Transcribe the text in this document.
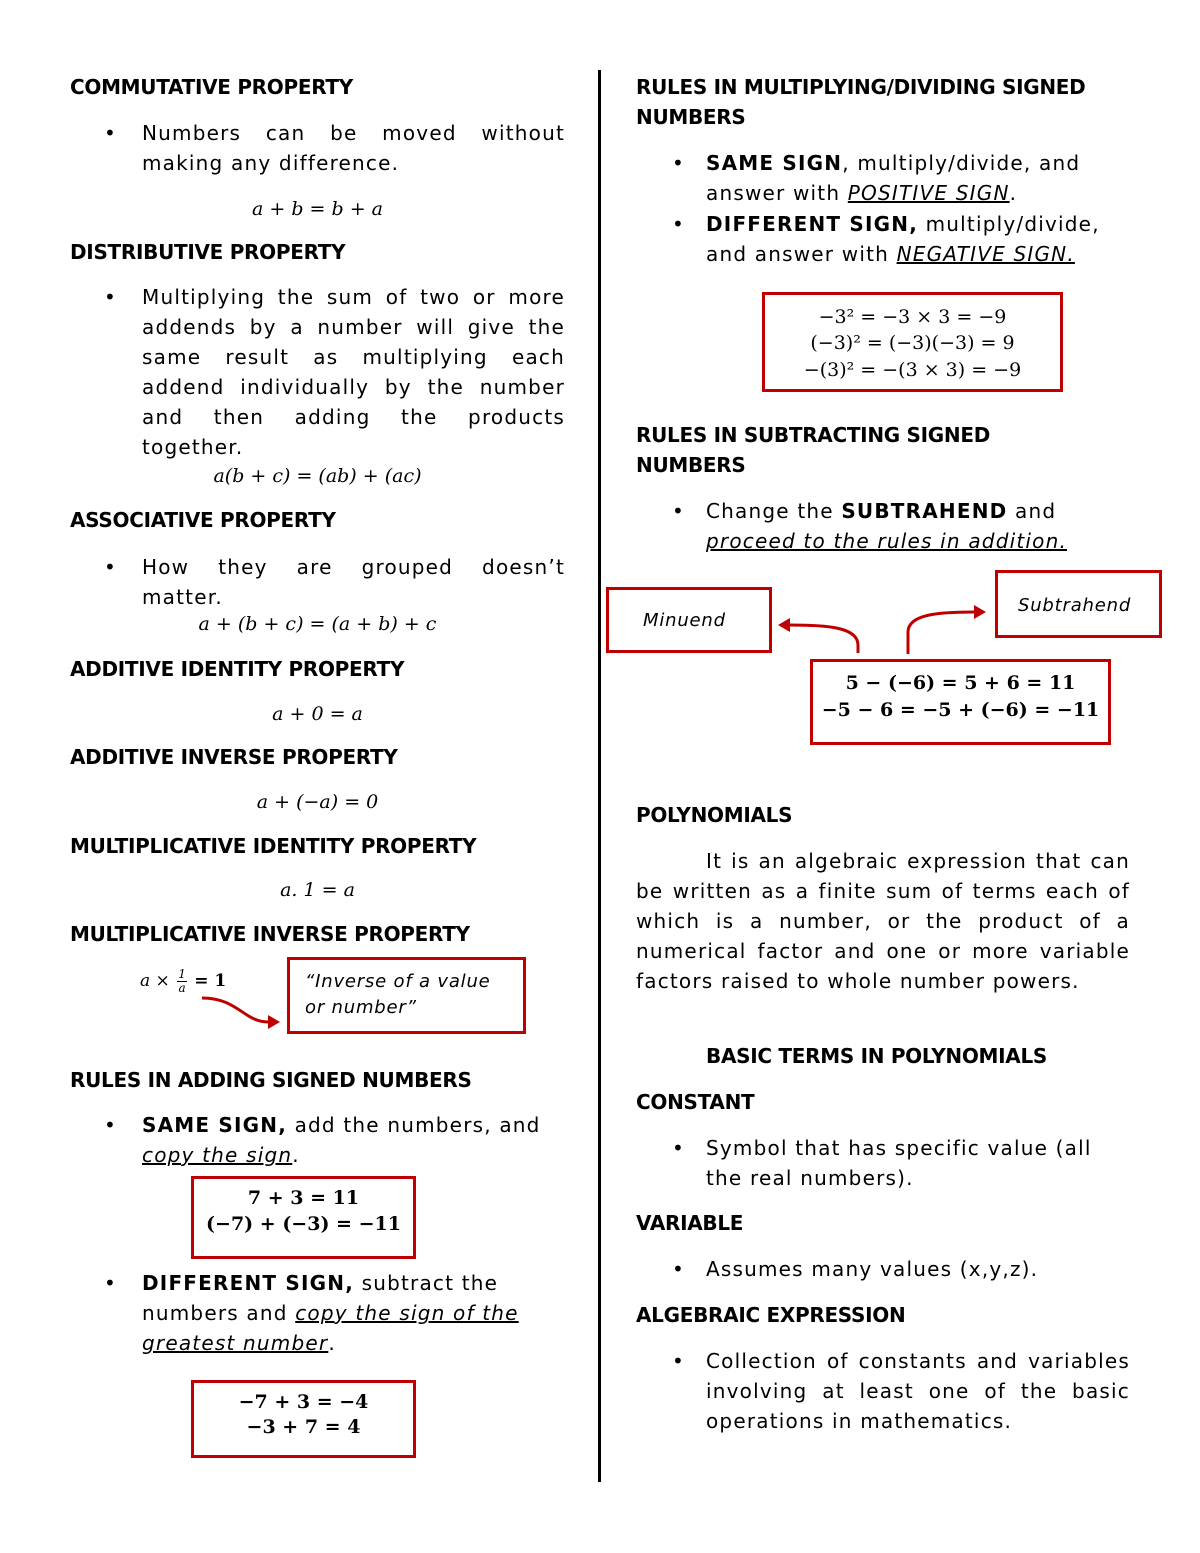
COMMUTATIVE PROPERTY
• Numbers can be moved without making any difference.
a + b = b + a
DISTRIBUTIVE PROPERTY
• Multiplying the sum of two or more addends by a number will give the same result as multiplying each addend individually by the number and then adding the products together.
a(b + c) = (ab) + (ac)
ASSOCIATIVE PROPERTY
• How they are grouped doesn’t matter.
a + (b + c) = (a + b) + c
ADDITIVE IDENTITY PROPERTY
a + 0 = a
ADDITIVE INVERSE PROPERTY
a + (−a) = 0
MULTIPLICATIVE IDENTITY PROPERTY
a. 1 = a
MULTIPLICATIVE INVERSE PROPERTY
$a \times \frac{1}{a} = 1$	“Inverse of a value or number”
RULES IN ADDING SIGNED NUMBERS
• SAME SIGN, add the numbers, and copy the sign.
7 + 3 = 11
(−7) + (−3) = −11
• DIFFERENT SIGN, subtract the numbers and copy the sign of the greatest number.
−7 + 3 = −4
−3 + 7 = 4
RULES IN MULTIPLYING/DIVIDING SIGNED NUMBERS
• SAME SIGN, multiply/divide, and answer with POSITIVE SIGN.
• DIFFERENT SIGN, multiply/divide, and answer with NEGATIVE SIGN.
−3² = −3 × 3 = −9
(−3)² = (−3)(−3) = 9
−(3)² = −(3 × 3) = −9
RULES IN SUBTRACTING SIGNED NUMBERS
• Change the SUBTRAHEND and proceed to the rules in addition.
Minuend
Subtrahend
5 − (−6) = 5 + 6 = 11
−5 − 6 = −5 + (−6) = −11
POLYNOMIALS
It is an algebraic expression that can be written as a finite sum of terms each of which is a number, or the product of a numerical factor and one or more variable factors raised to whole number powers.
BASIC TERMS IN POLYNOMIALS
CONSTANT
• Symbol that has specific value (all the real numbers).
VARIABLE
• Assumes many values (x,y,z).
ALGEBRAIC EXPRESSION
• Collection of constants and variables involving at least one of the basic operations in mathematics.
